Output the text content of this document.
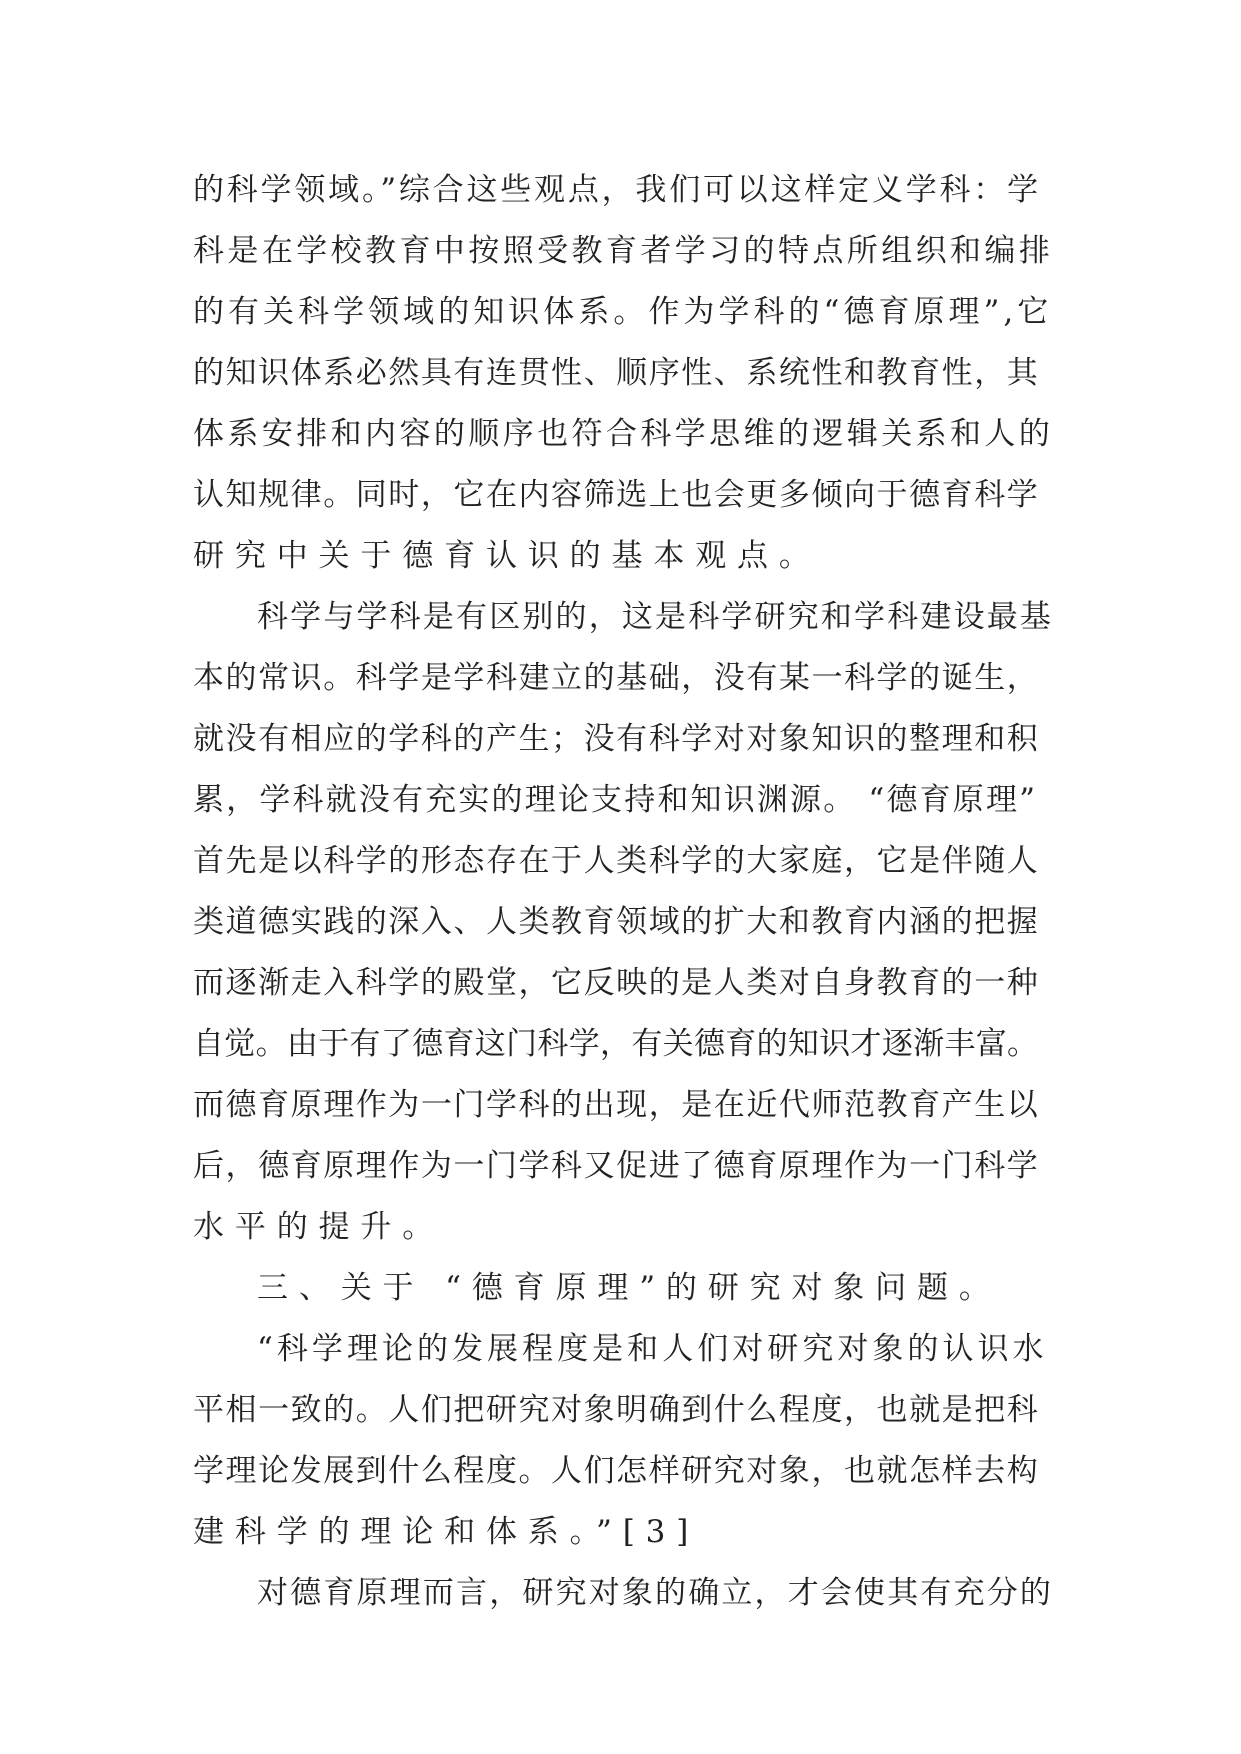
的科学领域。”综合这些观点，我们可以这样定义学科：学
科是在学校教育中按照受教育者学习的特点所组织和编排
的有关科学领域的知识体系。作为学科的“德育原理”,它
的知识体系必然具有连贯性、顺序性、系统性和教育性，其
体系安排和内容的顺序也符合科学思维的逻辑关系和人的
认知规律。同时，它在内容筛选上也会更多倾向于德育科学
研究中关于德育认识的基本观点。
科学与学科是有区别的，这是科学研究和学科建设最基
本的常识。科学是学科建立的基础，没有某一科学的诞生，
就没有相应的学科的产生；没有科学对对象知识的整理和积
累，学科就没有充实的理论支持和知识渊源。 “德育原理”
首先是以科学的形态存在于人类科学的大家庭，它是伴随人
类道德实践的深入、人类教育领域的扩大和教育内涵的把握
而逐渐走入科学的殿堂，它反映的是人类对自身教育的一种
自觉。由于有了德育这门科学，有关德育的知识才逐渐丰富。
而德育原理作为一门学科的出现，是在近代师范教育产生以
后，德育原理作为一门学科又促进了德育原理作为一门科学
水平的提升。
三、关于 “德育原理”的研究对象问题。
“科学理论的发展程度是和人们对研究对象的认识水
平相一致的。人们把研究对象明确到什么程度，也就是把科
学理论发展到什么程度。人们怎样研究对象，也就怎样去构
建科学的理论和体系。”[3]
对德育原理而言，研究对象的确立，才会使其有充分的
